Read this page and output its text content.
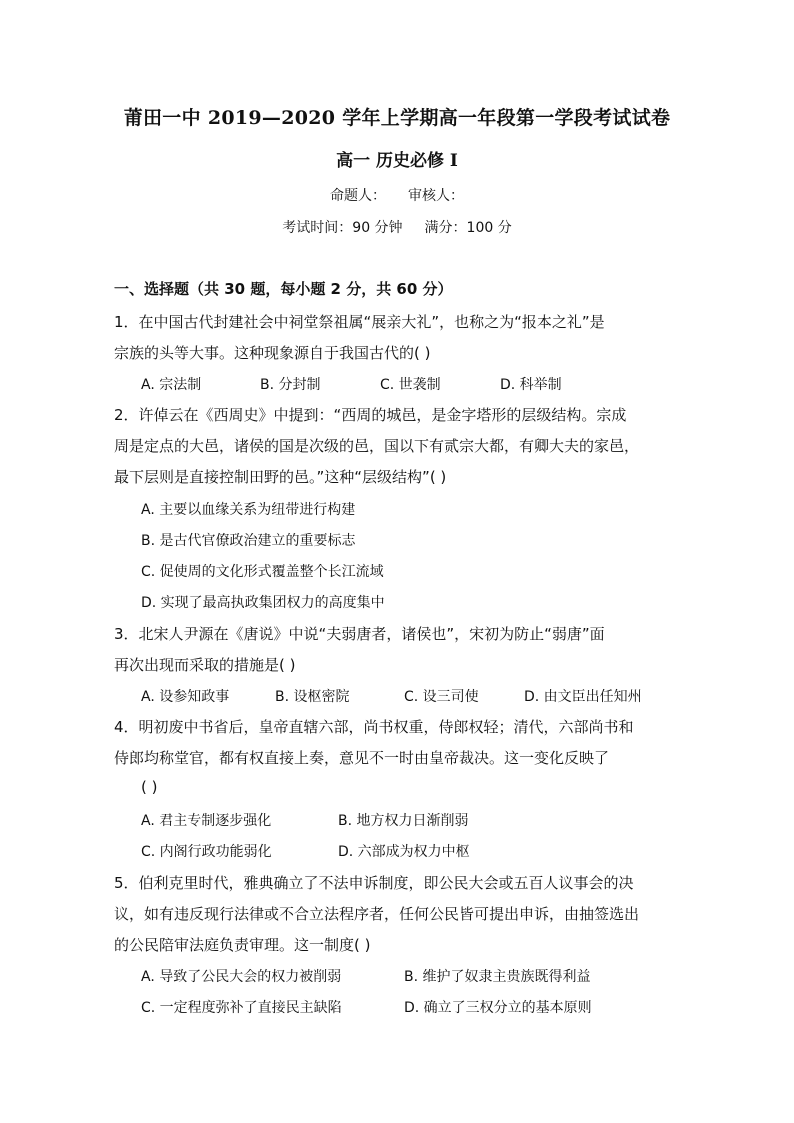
莆田一中 2019—2020 学年上学期高一年段第一学段考试试卷
高一 历史必修 I
命题人： 审核人：
考试时间：90 分钟 满分：100 分
一、选择题（共 30 题，每小题 2 分，共 60 分）
1．在中国古代封建社会中祠堂祭祖属“展亲大礼”，也称之为“报本之礼”是
宗族的头等大事。这种现象源自于我国古代的( )
A. 宗法制	B. 分封制	C. 世袭制	D. 科举制
2．许倬云在《西周史》中提到：“西周的城邑，是金字塔形的层级结构。宗成
周是定点的大邑，诸侯的国是次级的邑，国以下有贰宗大都，有卿大夫的家邑，
最下层则是直接控制田野的邑。”这种“层级结构”( )
A. 主要以血缘关系为纽带进行构建
B. 是古代官僚政治建立的重要标志
C. 促使周的文化形式覆盖整个长江流域
D. 实现了最高执政集团权力的高度集中
3．北宋人尹源在《唐说》中说“夫弱唐者，诸侯也”，宋初为防止“弱唐”面
再次出现而采取的措施是( )
A. 设参知政事	B. 设枢密院	C. 设三司使	D. 由文臣出任知州
4．明初废中书省后，皇帝直辖六部，尚书权重，侍郎权轻；清代，六部尚书和
侍郎均称堂官，都有权直接上奏，意见不一时由皇帝裁决。这一变化反映了
( )
A. 君主专制逐步强化	B. 地方权力日渐削弱
C. 内阁行政功能弱化	D. 六部成为权力中枢
5．伯利克里时代，雅典确立了不法申诉制度，即公民大会或五百人议事会的决
议，如有违反现行法律或不合立法程序者，任何公民皆可提出申诉，由抽签选出
的公民陪审法庭负责审理。这一制度( )
A. 导致了公民大会的权力被削弱	B. 维护了奴隶主贵族既得利益
C. 一定程度弥补了直接民主缺陷	D. 确立了三权分立的基本原则
